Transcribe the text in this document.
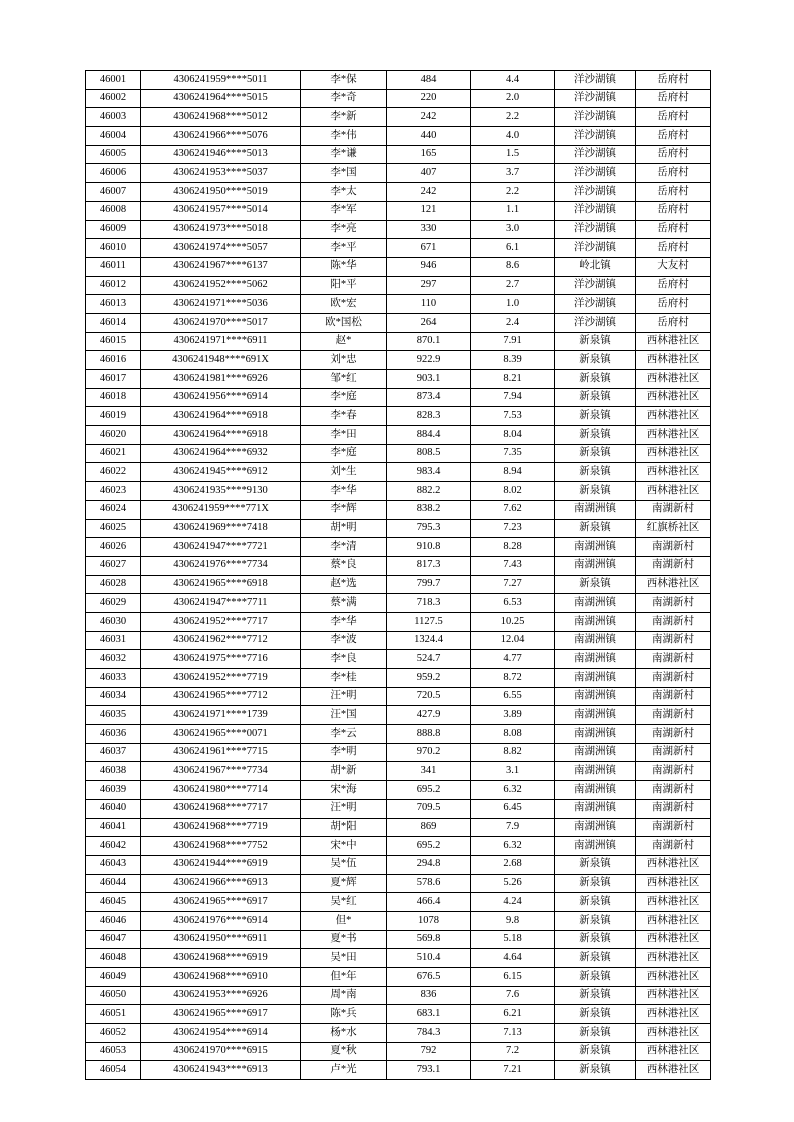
46001	4306241959****5011	李*保	484	4.4	洋沙湖镇	岳府村
46002	4306241964****5015	李*奇	220	2.0	洋沙湖镇	岳府村
46003	4306241968****5012	李*新	242	2.2	洋沙湖镇	岳府村
46004	4306241966****5076	李*伟	440	4.0	洋沙湖镇	岳府村
46005	4306241946****5013	李*谦	165	1.5	洋沙湖镇	岳府村
46006	4306241953****5037	李*国	407	3.7	洋沙湖镇	岳府村
46007	4306241950****5019	李*太	242	2.2	洋沙湖镇	岳府村
46008	4306241957****5014	李*军	121	1.1	洋沙湖镇	岳府村
46009	4306241973****5018	李*亮	330	3.0	洋沙湖镇	岳府村
46010	4306241974****5057	李*平	671	6.1	洋沙湖镇	岳府村
46011	4306241967****6137	陈*华	946	8.6	岭北镇	大友村
46012	4306241952****5062	阳*平	297	2.7	洋沙湖镇	岳府村
46013	4306241971****5036	欧*宏	110	1.0	洋沙湖镇	岳府村
46014	4306241970****5017	欧*国松	264	2.4	洋沙湖镇	岳府村
46015	4306241971****6911	赵*	870.1	7.91	新泉镇	西林港社区
46016	4306241948****691X	刘*忠	922.9	8.39	新泉镇	西林港社区
46017	4306241981****6926	邹*红	903.1	8.21	新泉镇	西林港社区
46018	4306241956****6914	李*庭	873.4	7.94	新泉镇	西林港社区
46019	4306241964****6918	李*春	828.3	7.53	新泉镇	西林港社区
46020	4306241964****6918	李*田	884.4	8.04	新泉镇	西林港社区
46021	4306241964****6932	李*庭	808.5	7.35	新泉镇	西林港社区
46022	4306241945****6912	刘*生	983.4	8.94	新泉镇	西林港社区
46023	4306241935****9130	李*华	882.2	8.02	新泉镇	西林港社区
46024	4306241959****771X	李*辉	838.2	7.62	南湖洲镇	南湖新村
46025	4306241969****7418	胡*明	795.3	7.23	新泉镇	红旗桥社区
46026	4306241947****7721	李*清	910.8	8.28	南湖洲镇	南湖新村
46027	4306241976****7734	蔡*良	817.3	7.43	南湖洲镇	南湖新村
46028	4306241965****6918	赵*选	799.7	7.27	新泉镇	西林港社区
46029	4306241947****7711	蔡*满	718.3	6.53	南湖洲镇	南湖新村
46030	4306241952****7717	李*华	1127.5	10.25	南湖洲镇	南湖新村
46031	4306241962****7712	李*波	1324.4	12.04	南湖洲镇	南湖新村
46032	4306241975****7716	李*良	524.7	4.77	南湖洲镇	南湖新村
46033	4306241952****7719	李*桂	959.2	8.72	南湖洲镇	南湖新村
46034	4306241965****7712	汪*明	720.5	6.55	南湖洲镇	南湖新村
46035	4306241971****1739	汪*国	427.9	3.89	南湖洲镇	南湖新村
46036	4306241965****0071	李*云	888.8	8.08	南湖洲镇	南湖新村
46037	4306241961****7715	李*明	970.2	8.82	南湖洲镇	南湖新村
46038	4306241967****7734	胡*新	341	3.1	南湖洲镇	南湖新村
46039	4306241980****7714	宋*海	695.2	6.32	南湖洲镇	南湖新村
46040	4306241968****7717	汪*明	709.5	6.45	南湖洲镇	南湖新村
46041	4306241968****7719	胡*阳	869	7.9	南湖洲镇	南湖新村
46042	4306241968****7752	宋*中	695.2	6.32	南湖洲镇	南湖新村
46043	4306241944****6919	吴*伍	294.8	2.68	新泉镇	西林港社区
46044	4306241966****6913	夏*辉	578.6	5.26	新泉镇	西林港社区
46045	4306241965****6917	吴*红	466.4	4.24	新泉镇	西林港社区
46046	4306241976****6914	但*	1078	9.8	新泉镇	西林港社区
46047	4306241950****6911	夏*书	569.8	5.18	新泉镇	西林港社区
46048	4306241968****6919	吴*田	510.4	4.64	新泉镇	西林港社区
46049	4306241968****6910	但*年	676.5	6.15	新泉镇	西林港社区
46050	4306241953****6926	周*南	836	7.6	新泉镇	西林港社区
46051	4306241965****6917	陈*兵	683.1	6.21	新泉镇	西林港社区
46052	4306241954****6914	杨*水	784.3	7.13	新泉镇	西林港社区
46053	4306241970****6915	夏*秋	792	7.2	新泉镇	西林港社区
46054	4306241943****6913	卢*光	793.1	7.21	新泉镇	西林港社区
